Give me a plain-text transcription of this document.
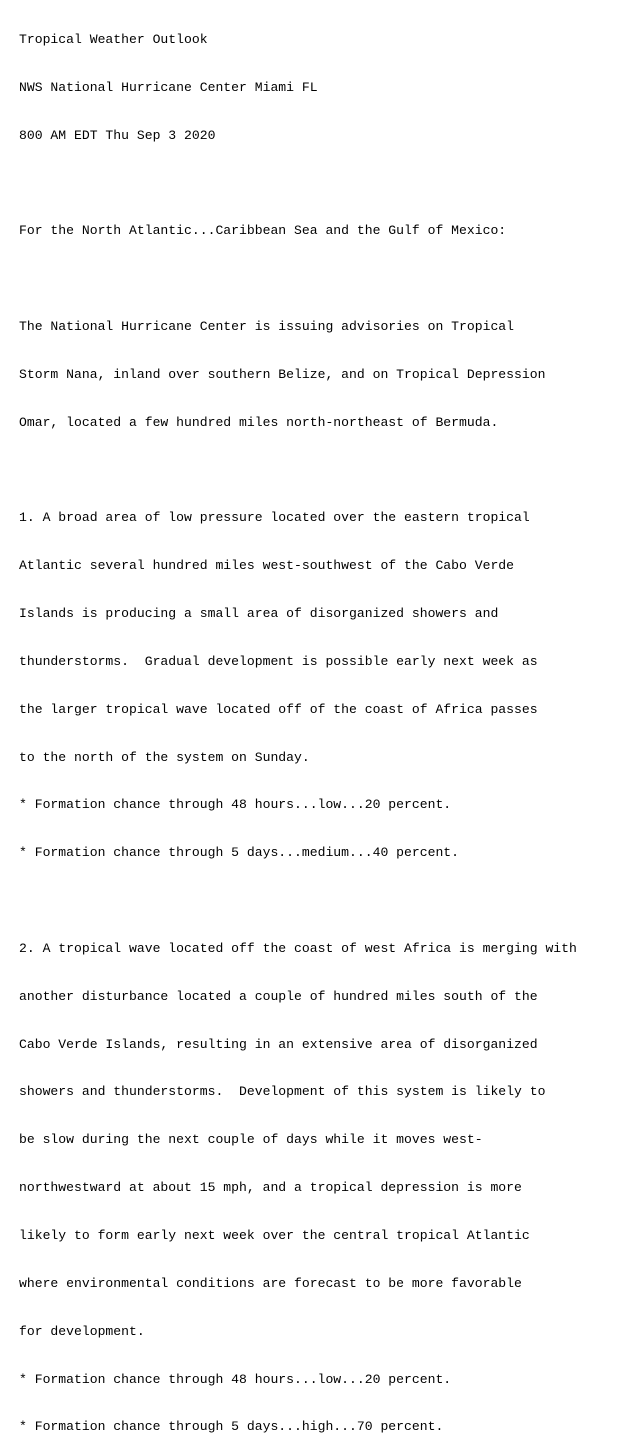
Tropical Weather Outlook

NWS National Hurricane Center Miami FL

800 AM EDT Thu Sep 3 2020

For the North Atlantic...Caribbean Sea and the Gulf of Mexico:

The National Hurricane Center is issuing advisories on Tropical

Storm Nana, inland over southern Belize, and on Tropical Depression

Omar, located a few hundred miles north-northeast of Bermuda.

1. A broad area of low pressure located over the eastern tropical

Atlantic several hundred miles west-southwest of the Cabo Verde

Islands is producing a small area of disorganized showers and

thunderstorms.  Gradual development is possible early next week as

the larger tropical wave located off of the coast of Africa passes

to the north of the system on Sunday.

* Formation chance through 48 hours...low...20 percent.

* Formation chance through 5 days...medium...40 percent.

2. A tropical wave located off the coast of west Africa is merging with

another disturbance located a couple of hundred miles south of the

Cabo Verde Islands, resulting in an extensive area of disorganized

showers and thunderstorms.  Development of this system is likely to

be slow during the next couple of days while it moves west-

northwestward at about 15 mph, and a tropical depression is more

likely to form early next week over the central tropical Atlantic

where environmental conditions are forecast to be more favorable

for development.

* Formation chance through 48 hours...low...20 percent.

* Formation chance through 5 days...high...70 percent.
